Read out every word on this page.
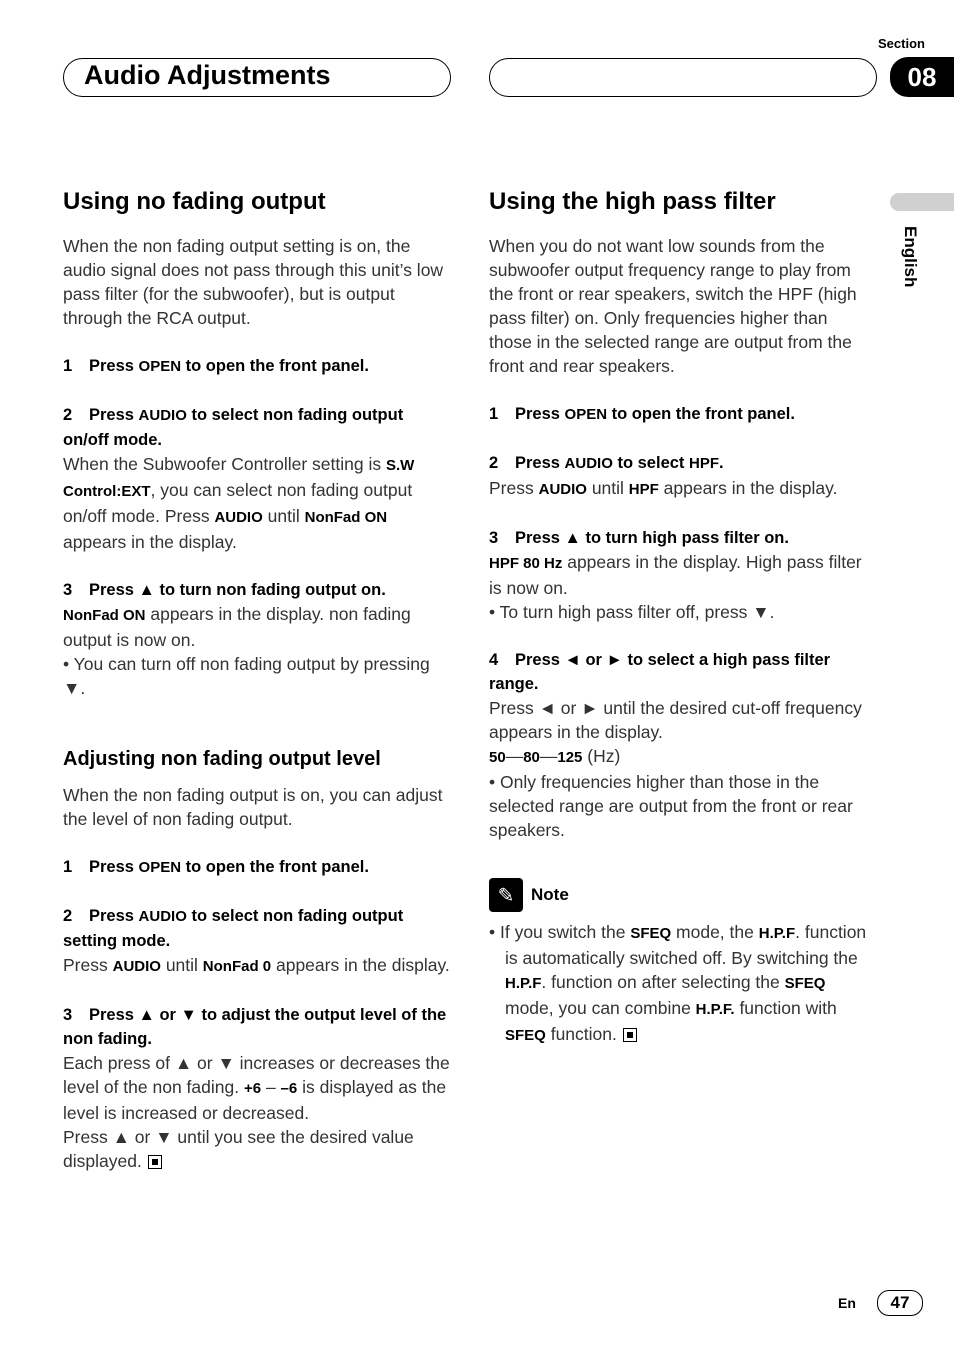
Audio Adjustments
Section
08
English
Using no fading output

When the non fading output setting is on, the audio signal does not pass through this unit’s low pass filter (for the subwoofer), but is output through the RCA output.

1 Press OPEN to open the front panel.
2 Press AUDIO to select non fading output on/off mode.

When the Subwoofer Controller setting is S.W Control:EXT, you can select non fading output on/off mode. Press AUDIO until NonFad ON appears in the display.

3 Press ▲ to turn non fading output on.

NonFad ON appears in the display. non fading output is now on.

• You can turn off non fading output by pressing ▼.

Adjusting non fading output level

When the non fading output is on, you can adjust the level of non fading output.

1 Press OPEN to open the front panel.
2 Press AUDIO to select non fading output setting mode.

Press AUDIO until NonFad 0 appears in the display.

3 Press ▲ or ▼ to adjust the output level of the non fading.

Each press of ▲ or ▼ increases or decreases the level of the non fading. +6 – –6 is displayed as the level is increased or decreased.

Press ▲ or ▼ until you see the desired value displayed.

Using the high pass filter

When you do not want low sounds from the subwoofer output frequency range to play from the front or rear speakers, switch the HPF (high pass filter) on. Only frequencies higher than those in the selected range are output from the front and rear speakers.

1 Press OPEN to open the front panel.
2 Press AUDIO to select HPF.

Press AUDIO until HPF appears in the display.

3 Press ▲ to turn high pass filter on.

HPF 80 Hz appears in the display. High pass filter is now on.

• To turn high pass filter off, press ▼.

4 Press ◄ or ► to select a high pass filter range.

Press ◄ or ► until the desired cut-off frequency appears in the display.

50—80—125 (Hz)

• Only frequencies higher than those in the selected range are output from the front or rear speakers.

✎ Note

• If you switch the SFEQ mode, the H.P.F. function is automatically switched off. By switching the H.P.F. function on after selecting the SFEQ mode, you can combine H.P.F. function with SFEQ function.

En	47
